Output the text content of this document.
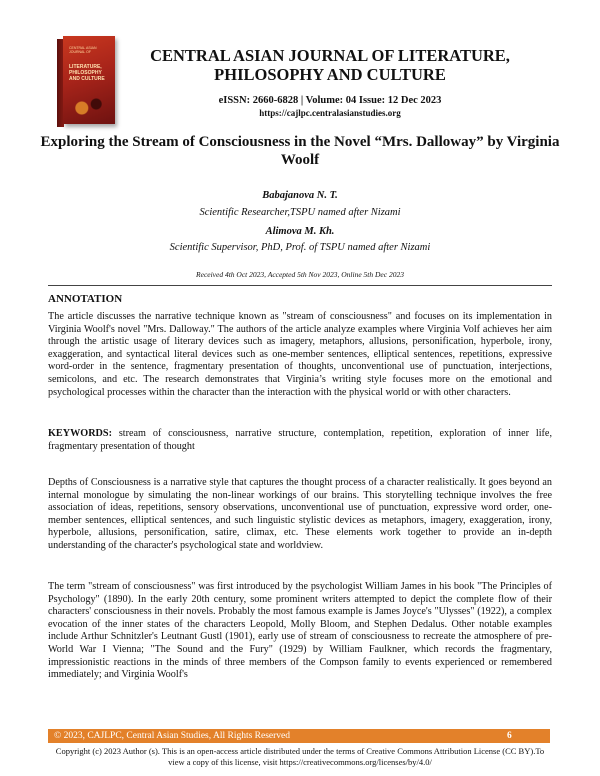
CENTRAL ASIAN JOURNAL OF
LITERATURE, PHILOSOPHY AND CULTURE
CENTRAL ASIAN JOURNAL OF LITERATURE, PHILOSOPHY AND CULTURE
eISSN: 2660-6828 | Volume: 04 Issue: 12 Dec 2023
https://cajlpc.centralasianstudies.org
Exploring the Stream of Consciousness in the Novel “Mrs. Dalloway” by Virginia Woolf
Babajanova N. T.
Scientific Researcher,TSPU named after Nizami
Alimova M. Kh.
Scientific Supervisor, PhD, Prof. of TSPU named after Nizami
Received 4th Oct 2023, Accepted 5th Nov 2023, Online 5th Dec 2023
ANNOTATION

The article discusses the narrative technique known as "stream of consciousness" and focuses on its implementation in Virginia Woolf's novel "Mrs. Dalloway." The authors of the article analyze examples where Virginia Volf achieves her aim through the artistic usage of literary devices such as imagery, metaphors, allusions, personification, hyperbole, irony, exaggeration, and syntactical literal devices such as one-member sentences, elliptical sentences, repetitions, expressive word-order in the sentence, fragmentary presentation of thoughts, unconventional use of punctuation, interjections, semicolons, and etc. The research demonstrates that Virginia’s writing style focuses more on the emotional and psychological processes within the character than the interaction with the physical world or with other characters.

KEYWORDS: stream of consciousness, narrative structure, contemplation, repetition, exploration of inner life, fragmentary presentation of thought

Depths of Consciousness is a narrative style that captures the thought process of a character realistically. It goes beyond an internal monologue by simulating the non-linear workings of our brains. This storytelling technique involves the free association of ideas, repetitions, sensory observations, unconventional use of punctuation, expressive word order, one-member sentences, elliptical sentences, and such linguistic stylistic devices as metaphors, imagery, exaggeration, irony, hyperbole, allusions, personification, satire, climax, etc. These elements work together to provide an in-depth understanding of the character's psychological state and worldview.

The term "stream of consciousness" was first introduced by the psychologist William James in his book "The Principles of Psychology" (1890). In the early 20th century, some prominent writers attempted to depict the complete flow of their characters' consciousness in their novels. Probably the most famous example is James Joyce's "Ulysses" (1922), a complex evocation of the inner states of the characters Leopold, Molly Bloom, and Stephen Dedalus. Other notable examples include Arthur Schnitzler's Leutnant Gustl (1901), early use of stream of consciousness to recreate the atmosphere of pre-World War I Vienna; "The Sound and the Fury" (1929) by William Faulkner, which records the fragmentary, impressionistic reactions in the minds of three members of the Compson family to events experienced or remembered immediately; and Virginia Woolf's

© 2023, CAJLPC, Central Asian Studies, All Rights Reserved	6
Copyright (c) 2023 Author (s). This is an open-access article distributed under the terms of Creative Commons Attribution License (CC BY).To view a copy of this license, visit https://creativecommons.org/licenses/by/4.0/
